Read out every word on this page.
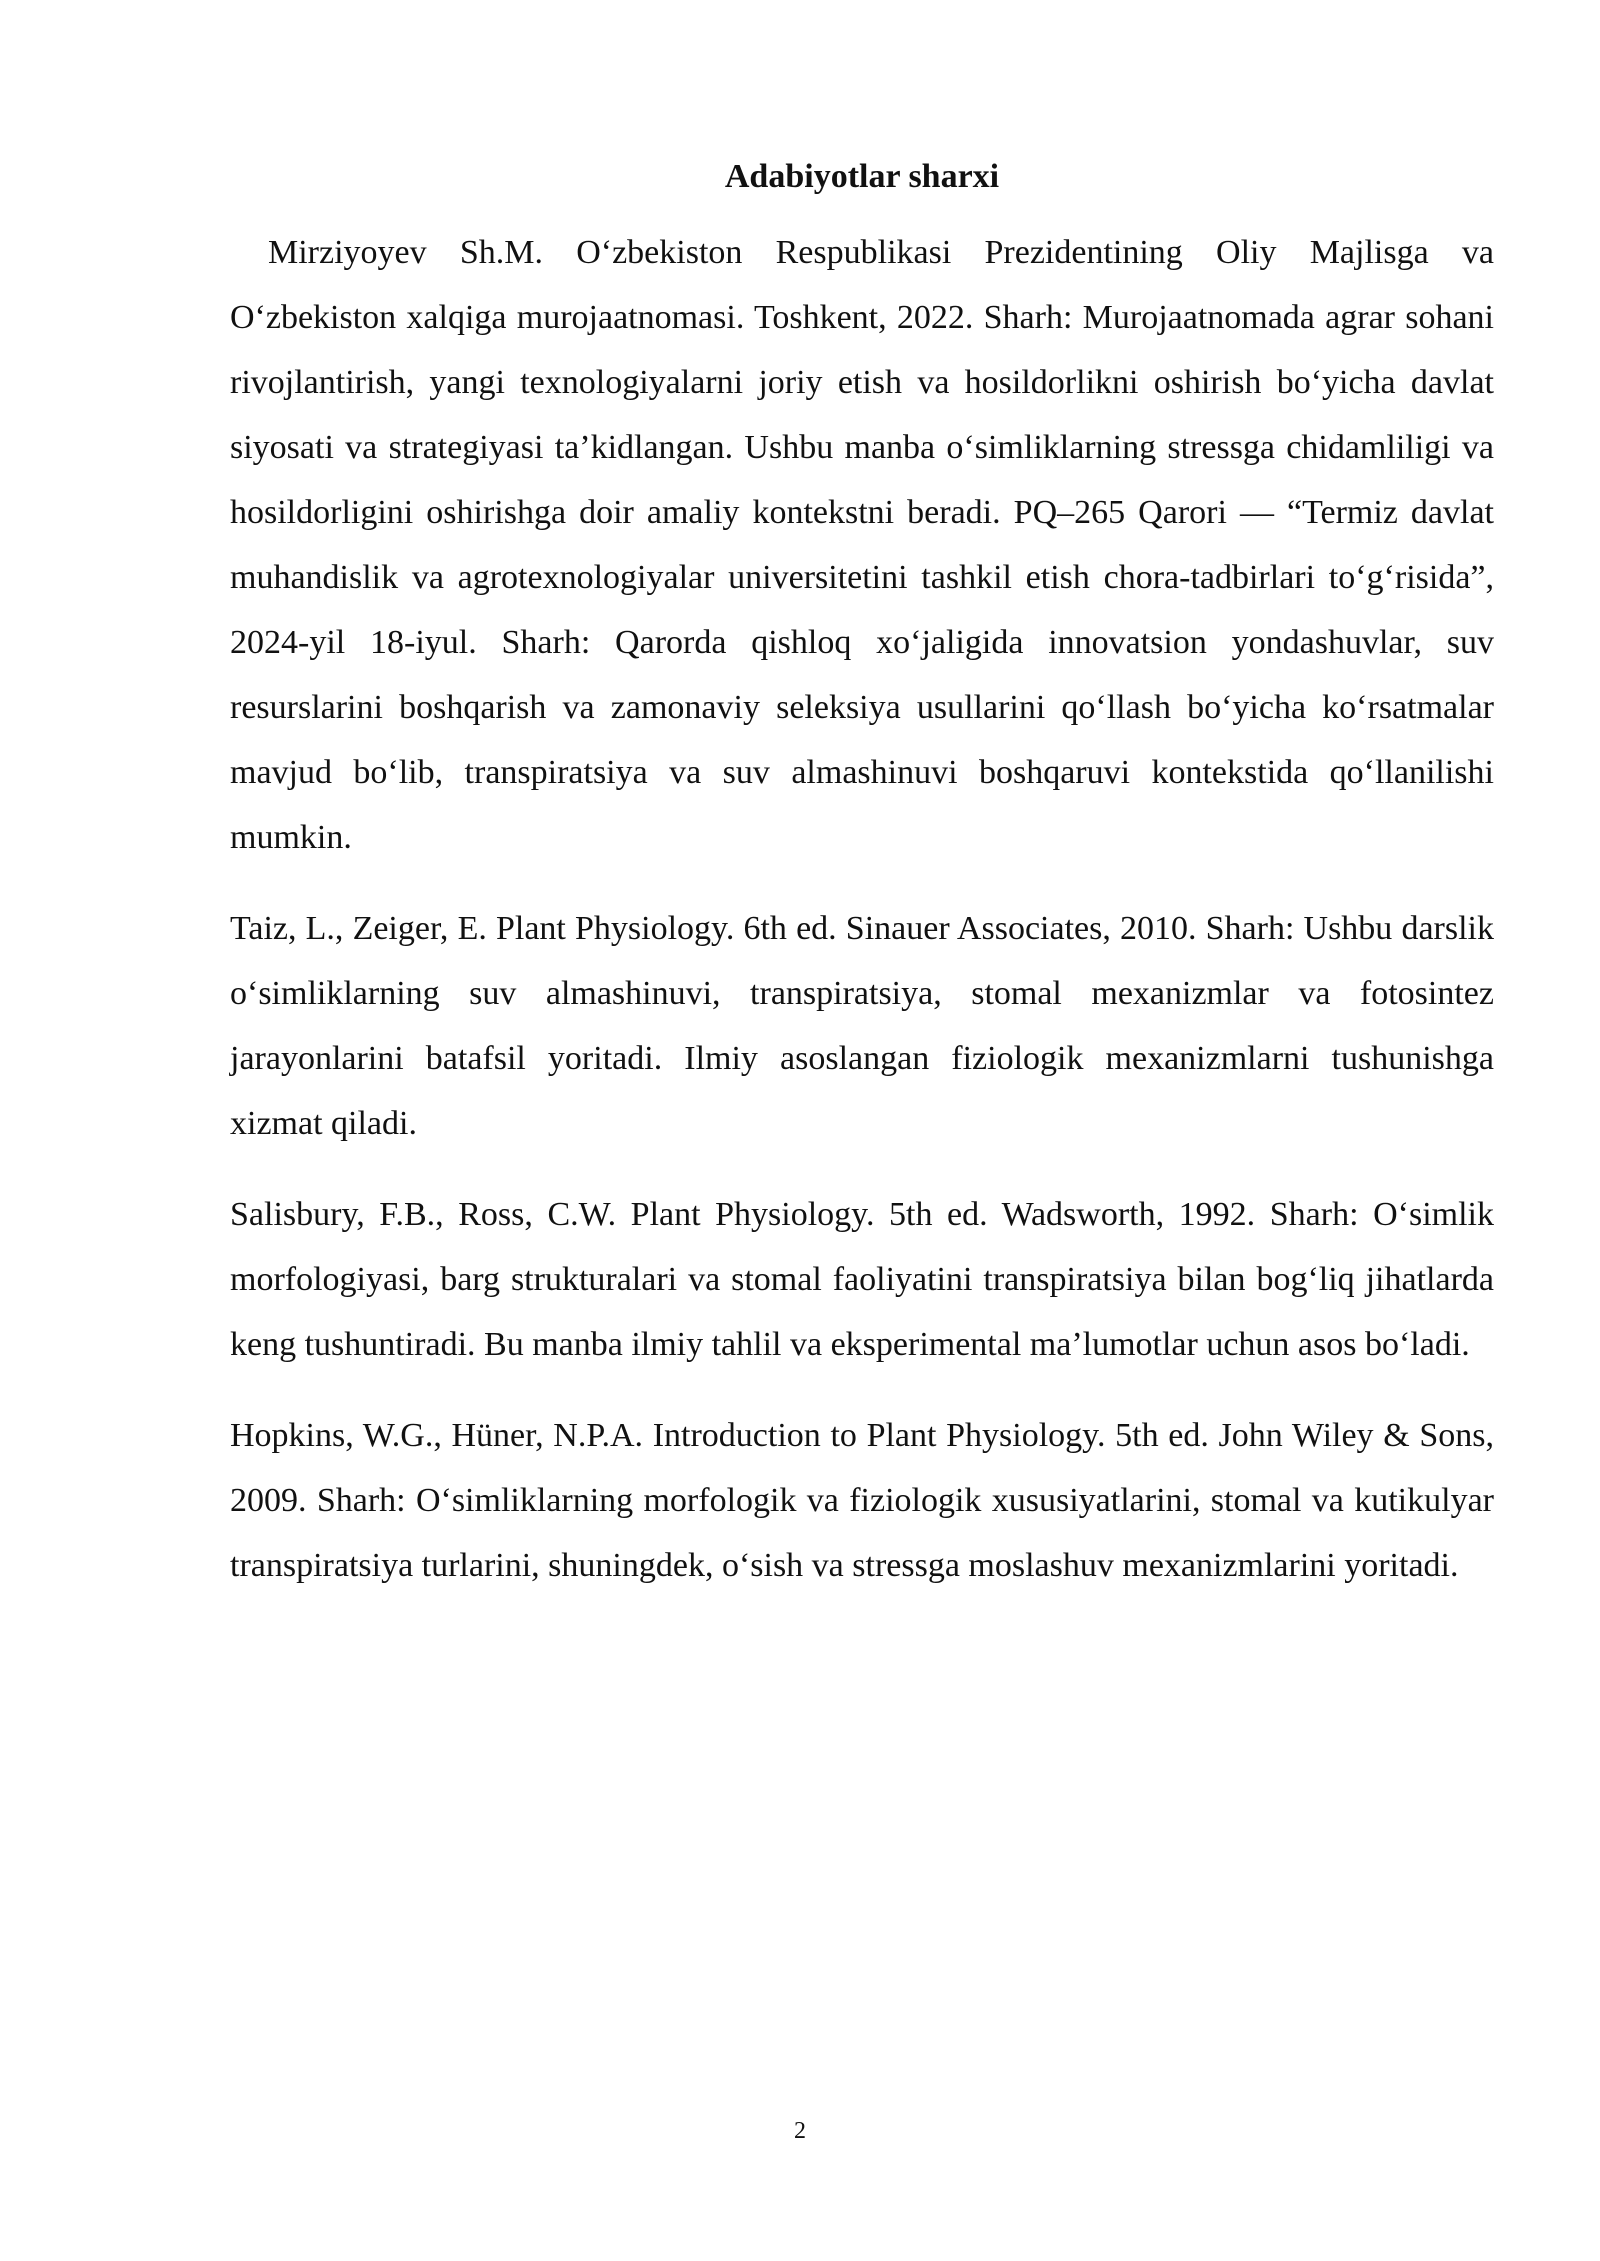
Adabiyotlar sharxi

Mirziyoyev Sh.M. O‘zbekiston Respublikasi Prezidentining Oliy Majlisga va O‘zbekiston xalqiga murojaatnomasi. Toshkent, 2022. Sharh: Murojaatnomada agrar sohani rivojlantirish, yangi texnologiyalarni joriy etish va hosildorlikni oshirish bo‘yicha davlat siyosati va strategiyasi ta’kidlangan. Ushbu manba o‘simliklarning stressga chidamliligi va hosildorligini oshirishga doir amaliy kontekstni beradi. PQ–265 Qarori — “Termiz davlat muhandislik va agrotexnologiyalar universitetini tashkil etish chora-tadbirlari to‘g‘risida”, 2024-yil 18-iyul. Sharh: Qarorda qishloq xo‘jaligida innovatsion yondashuvlar, suv resurslarini boshqarish va zamonaviy seleksiya usullarini qo‘llash bo‘yicha ko‘rsatmalar mavjud bo‘lib, transpiratsiya va suv almashinuvi boshqaruvi kontekstida qo‘llanilishi mumkin.

Taiz, L., Zeiger, E. Plant Physiology. 6th ed. Sinauer Associates, 2010. Sharh: Ushbu darslik o‘simliklarning suv almashinuvi, transpiratsiya, stomal mexanizmlar va fotosintez jarayonlarini batafsil yoritadi. Ilmiy asoslangan fiziologik mexanizmlarni tushunishga xizmat qiladi.

Salisbury, F.B., Ross, C.W. Plant Physiology. 5th ed. Wadsworth, 1992. Sharh: O‘simlik morfologiyasi, barg strukturalari va stomal faoliyatini transpiratsiya bilan bog‘liq jihatlarda keng tushuntiradi. Bu manba ilmiy tahlil va eksperimental ma’lumotlar uchun asos bo‘ladi.

Hopkins, W.G., Hüner, N.P.A. Introduction to Plant Physiology. 5th ed. John Wiley & Sons, 2009. Sharh: O‘simliklarning morfologik va fiziologik xususiyatlarini, stomal va kutikulyar transpiratsiya turlarini, shuningdek, o‘sish va stressga moslashuv mexanizmlarini yoritadi.

2
